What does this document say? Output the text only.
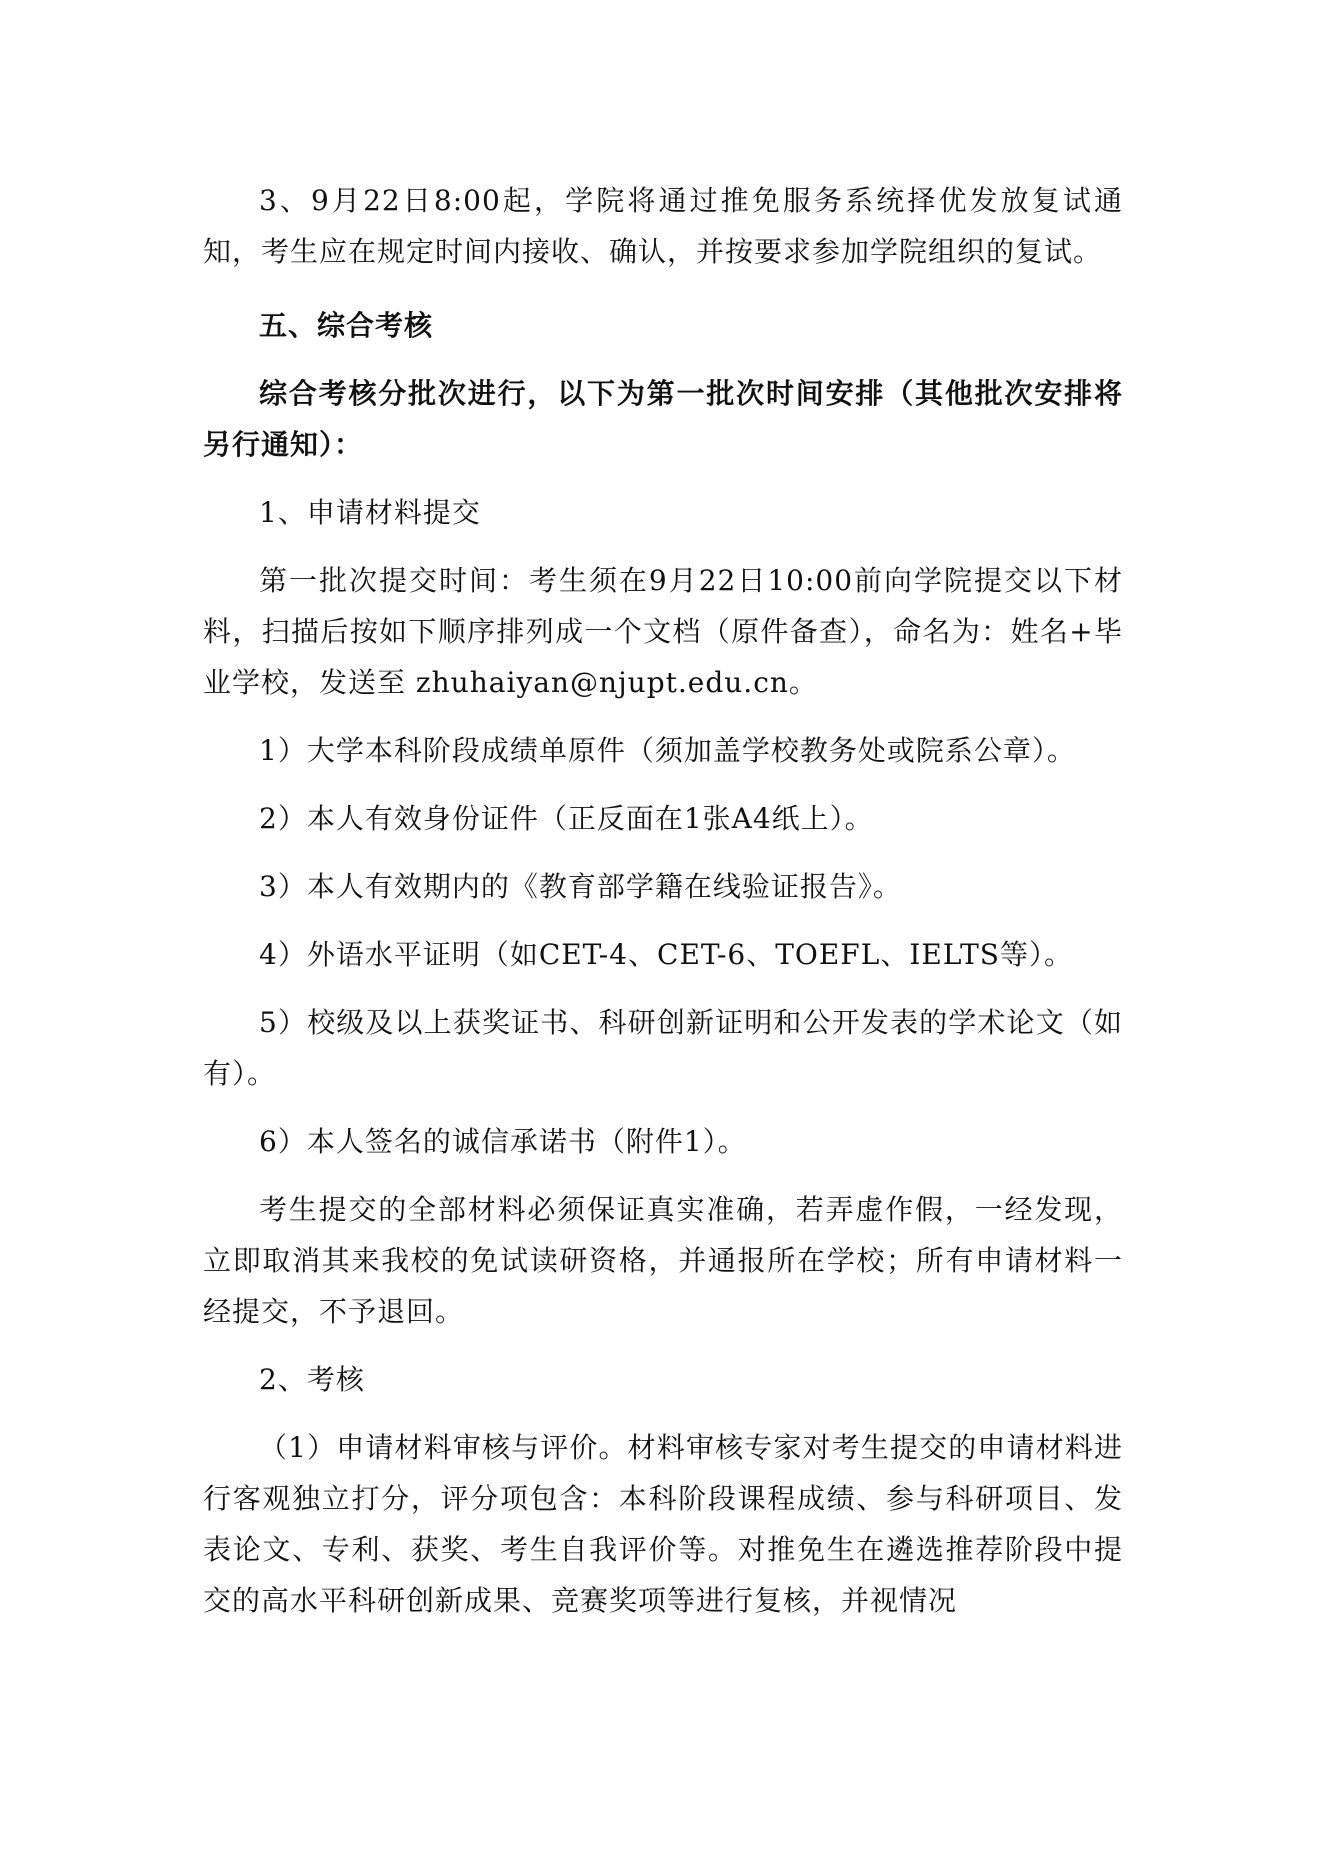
3、9月22日8:00起，学院将通过推免服务系统择优发放复试通知，考生应在规定时间内接收、确认，并按要求参加学院组织的复试。

五、综合考核

综合考核分批次进行，以下为第一批次时间安排（其他批次安排将另行通知）：

1、申请材料提交

第一批次提交时间：考生须在9月22日10:00前向学院提交以下材料，扫描后按如下顺序排列成一个文档（原件备查），命名为：姓名+毕业学校，发送至 zhuhaiyan@njupt.edu.cn。

1）大学本科阶段成绩单原件（须加盖学校教务处或院系公章）。

2）本人有效身份证件（正反面在1张A4纸上）。

3）本人有效期内的《教育部学籍在线验证报告》。

4）外语水平证明（如CET-4、CET-6、TOEFL、IELTS等）。

5）校级及以上获奖证书、科研创新证明和公开发表的学术论文（如有）。

6）本人签名的诚信承诺书（附件1）。

考生提交的全部材料必须保证真实准确，若弄虚作假，一经发现，立即取消其来我校的免试读研资格，并通报所在学校；所有申请材料一经提交，不予退回。

2、考核

（1）申请材料审核与评价。材料审核专家对考生提交的申请材料进行客观独立打分，评分项包含：本科阶段课程成绩、参与科研项目、发表论文、专利、获奖、考生自我评价等。对推免生在遴选推荐阶段中提交的高水平科研创新成果、竞赛奖项等进行复核，并视情况
